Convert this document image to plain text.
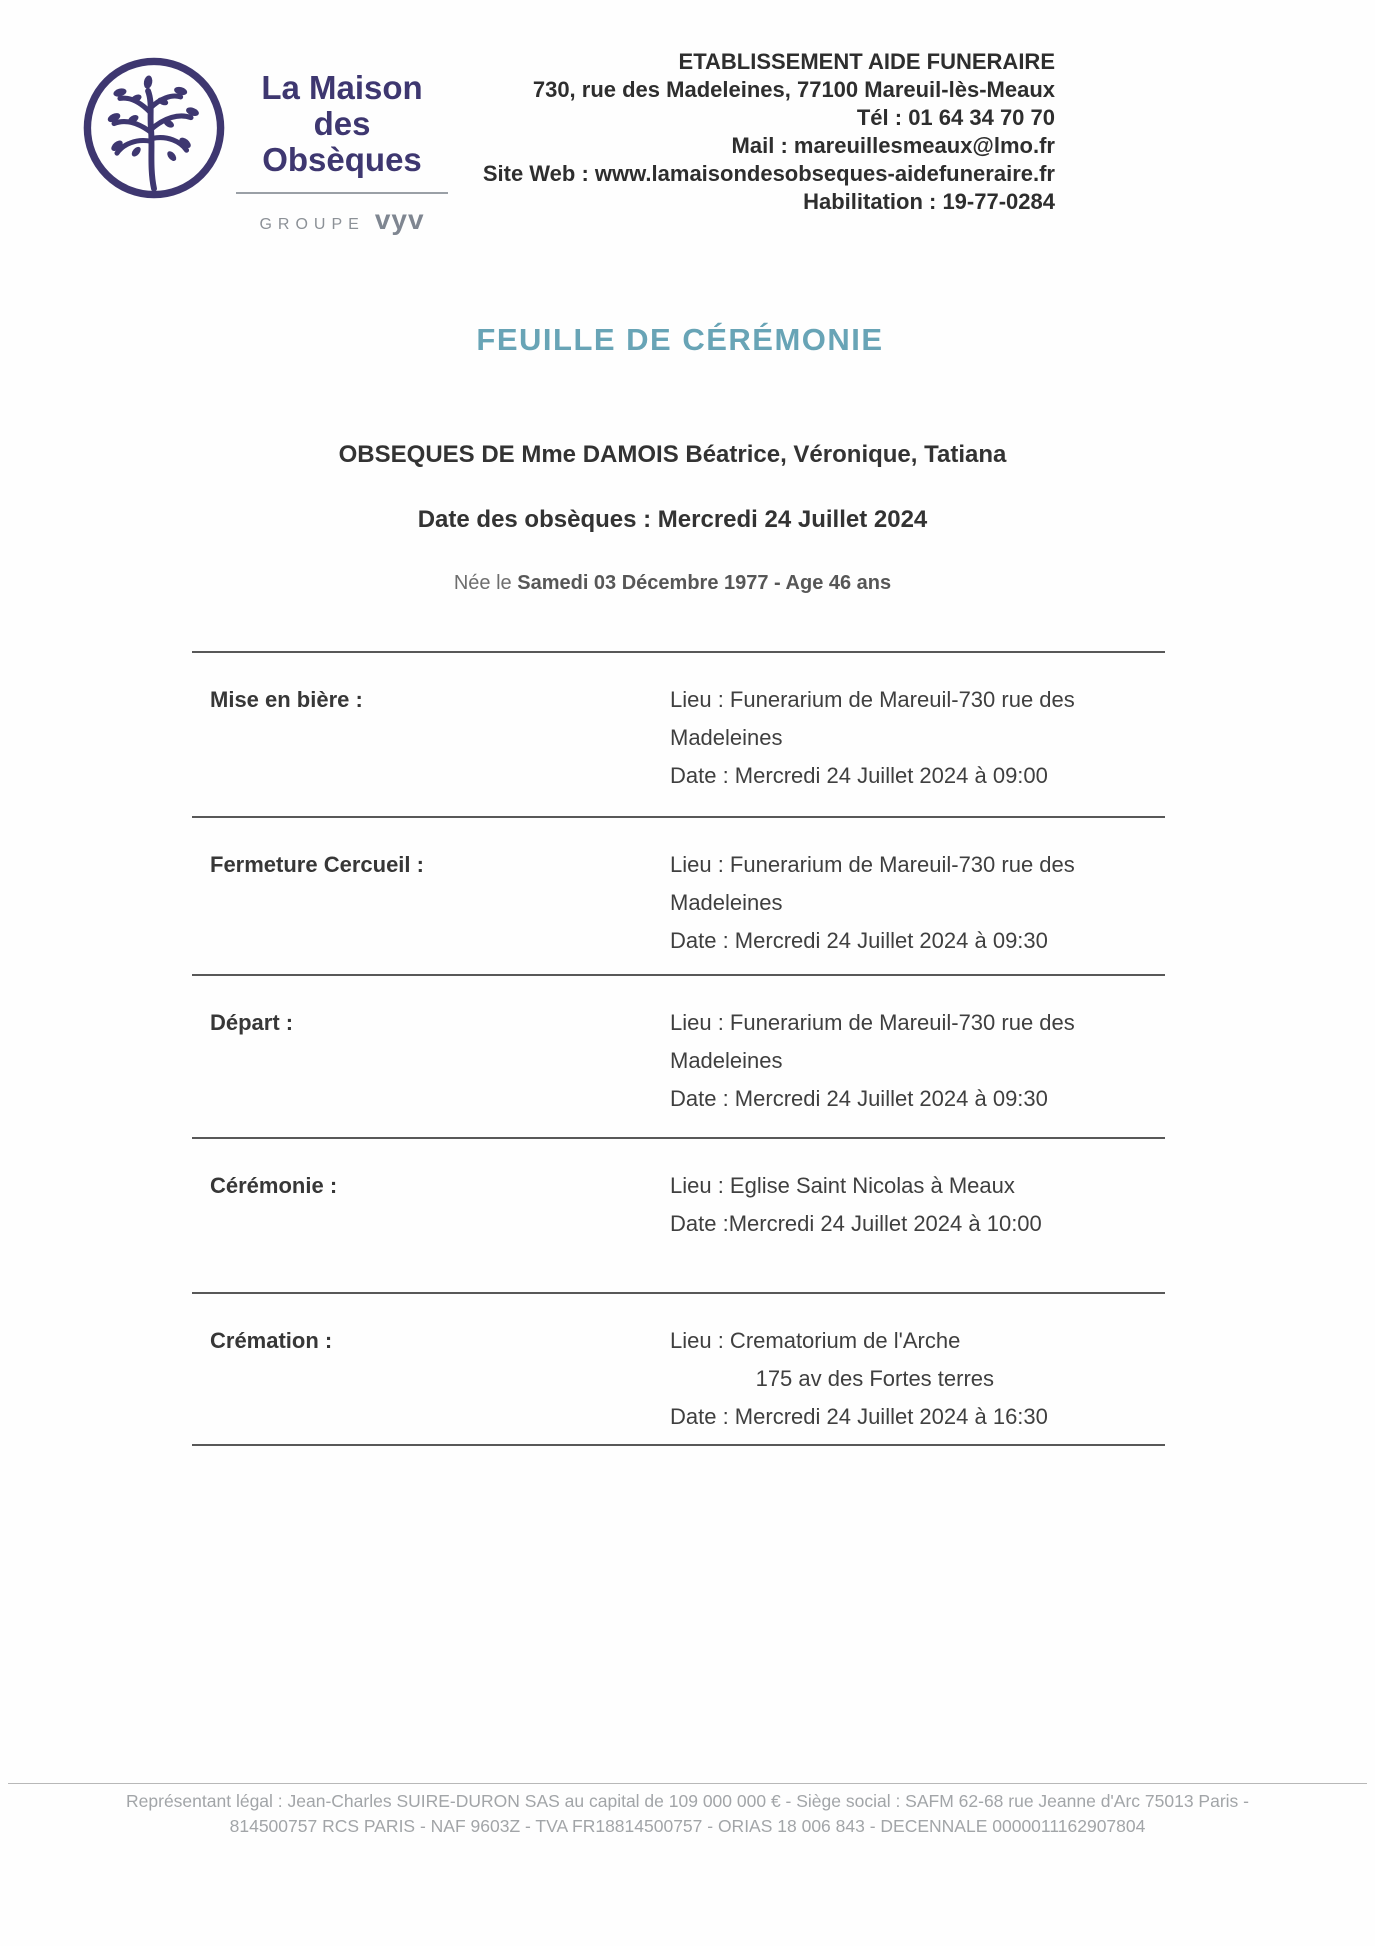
La Maison
des Obsèques
GROUPE vyv
ETABLISSEMENT AIDE FUNERAIRE
730, rue des Madeleines, 77100 Mareuil-lès-Meaux
Tél : 01 64 34 70 70
Mail : mareuillesmeaux@lmo.fr
Site Web : www.lamaisondesobseques-aidefuneraire.fr
Habilitation : 19-77-0284
FEUILLE DE CÉRÉMONIE
OBSEQUES DE Mme DAMOIS Béatrice, Véronique, Tatiana
Date des obsèques : Mercredi 24 Juillet 2024
Née le Samedi 03 Décembre 1977 - Age 46 ans
Mise en bière :	Lieu : Funerarium de Mareuil-730 rue des Madeleines
Date : Mercredi 24 Juillet 2024 à 09:00
Fermeture Cercueil :	Lieu : Funerarium de Mareuil-730 rue des Madeleines
Date : Mercredi 24 Juillet 2024 à 09:30
Départ :	Lieu : Funerarium de Mareuil-730 rue des Madeleines
Date : Mercredi 24 Juillet 2024 à 09:30
Cérémonie :	Lieu : Eglise Saint Nicolas à Meaux
Date :Mercredi 24 Juillet 2024 à 10:00
Crémation :	Lieu : Crematorium de l'Arche
175 av des Fortes terres
Date : Mercredi 24 Juillet 2024 à 16:30
Représentant légal : Jean-Charles SUIRE-DURON SAS au capital de 109 000 000 € - Siège social : SAFM 62-68 rue Jeanne d'Arc 75013 Paris -
814500757 RCS PARIS - NAF 9603Z - TVA FR18814500757 - ORIAS 18 006 843 - DECENNALE 0000011162907804
